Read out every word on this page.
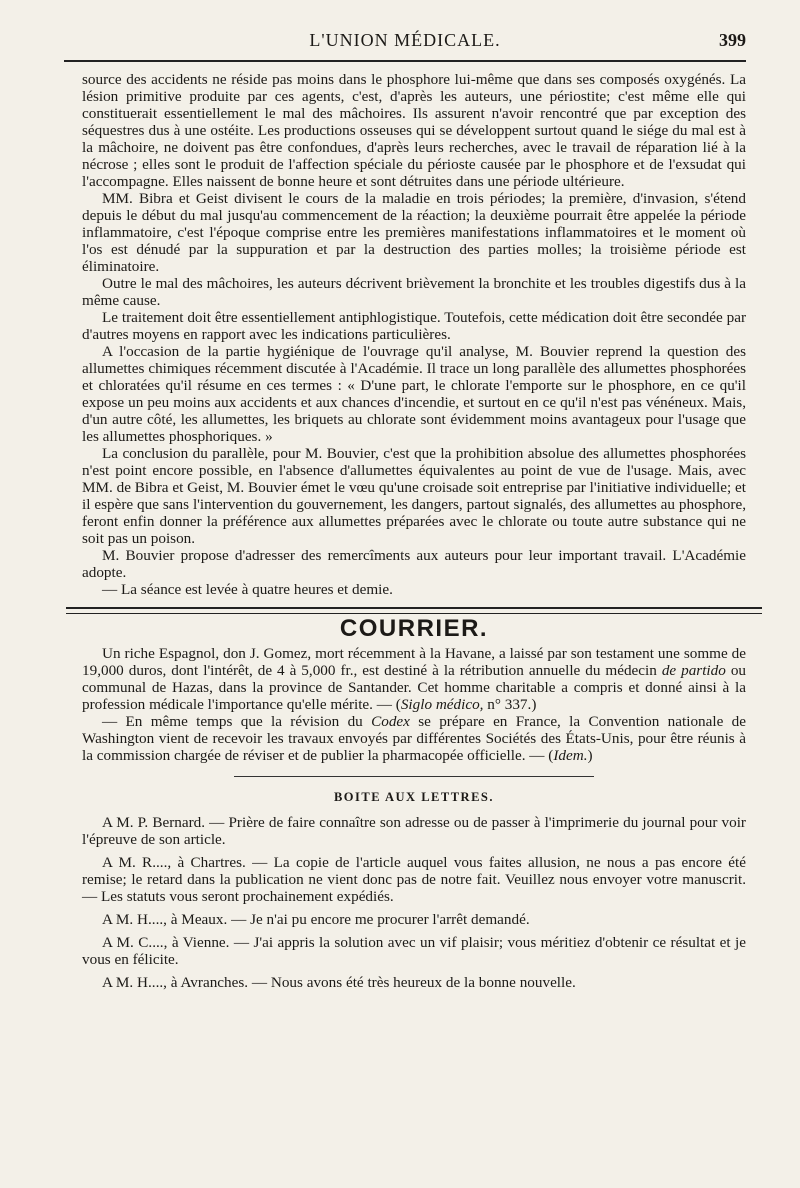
L'UNION MÉDICALE.	399

source des accidents ne réside pas moins dans le phosphore lui-même que dans ses composés oxygénés. La lésion primitive produite par ces agents, c'est, d'après les auteurs, une périostite; c'est même elle qui constituerait essentiellement le mal des mâchoires. Ils assurent n'avoir rencontré que par exception des séquestres dus à une ostéite. Les productions osseuses qui se développent surtout quand le siége du mal est à la mâchoire, ne doivent pas être confondues, d'après leurs recherches, avec le travail de réparation lié à la nécrose ; elles sont le produit de l'affection spéciale du périoste causée par le phosphore et de l'exsudat qui l'accompagne. Elles naissent de bonne heure et sont détruites dans une période ultérieure.

MM. Bibra et Geist divisent le cours de la maladie en trois périodes; la première, d'invasion, s'étend depuis le début du mal jusqu'au commencement de la réaction; la deuxième pourrait être appelée la période inflammatoire, c'est l'époque comprise entre les premières manifestations inflammatoires et le moment où l'os est dénudé par la suppuration et par la destruction des parties molles; la troisième période est éliminatoire.

Outre le mal des mâchoires, les auteurs décrivent brièvement la bronchite et les troubles digestifs dus à la même cause.

Le traitement doit être essentiellement antiphlogistique. Toutefois, cette médication doit être secondée par d'autres moyens en rapport avec les indications particulières.

A l'occasion de la partie hygiénique de l'ouvrage qu'il analyse, M. Bouvier reprend la question des allumettes chimiques récemment discutée à l'Académie. Il trace un long parallèle des allumettes phosphorées et chloratées qu'il résume en ces termes : « D'une part, le chlorate l'emporte sur le phosphore, en ce qu'il expose un peu moins aux accidents et aux chances d'incendie, et surtout en ce qu'il n'est pas vénéneux. Mais, d'un autre côté, les allumettes, les briquets au chlorate sont évidemment moins avantageux pour l'usage que les allumettes phosphoriques. »

La conclusion du parallèle, pour M. Bouvier, c'est que la prohibition absolue des allumettes phosphorées n'est point encore possible, en l'absence d'allumettes équivalentes au point de vue de l'usage. Mais, avec MM. de Bibra et Geist, M. Bouvier émet le vœu qu'une croisade soit entreprise par l'initiative individuelle; et il espère que sans l'intervention du gouvernement, les dangers, partout signalés, des allumettes au phosphore, feront enfin donner la préférence aux allumettes préparées avec le chlorate ou toute autre substance qui ne soit pas un poison.

M. Bouvier propose d'adresser des remercîments aux auteurs pour leur important travail. L'Académie adopte.

— La séance est levée à quatre heures et demie.

COURRIER.

Un riche Espagnol, don J. Gomez, mort récemment à la Havane, a laissé par son testament une somme de 19,000 duros, dont l'intérêt, de 4 à 5,000 fr., est destiné à la rétribution annuelle du médecin de partido ou communal de Hazas, dans la province de Santander. Cet homme charitable a compris et donné ainsi à la profession médicale l'importance qu'elle mérite. — (Siglo médico, n° 337.)

— En même temps que la révision du Codex se prépare en France, la Convention nationale de Washington vient de recevoir les travaux envoyés par différentes Sociétés des États-Unis, pour être réunis à la commission chargée de réviser et de publier la pharmacopée officielle. — (Idem.)

BOITE AUX LETTRES.

A M. P. Bernard. — Prière de faire connaître son adresse ou de passer à l'imprimerie du journal pour voir l'épreuve de son article.

A M. R...., à Chartres. — La copie de l'article auquel vous faites allusion, ne nous a pas encore été remise; le retard dans la publication ne vient donc pas de notre fait. Veuillez nous envoyer votre manuscrit. — Les statuts vous seront prochainement expédiés.

A M. H...., à Meaux. — Je n'ai pu encore me procurer l'arrêt demandé.

A M. C...., à Vienne. — J'ai appris la solution avec un vif plaisir; vous méritiez d'obtenir ce résultat et je vous en félicite.

A M. H...., à Avranches. — Nous avons été très heureux de la bonne nouvelle.
